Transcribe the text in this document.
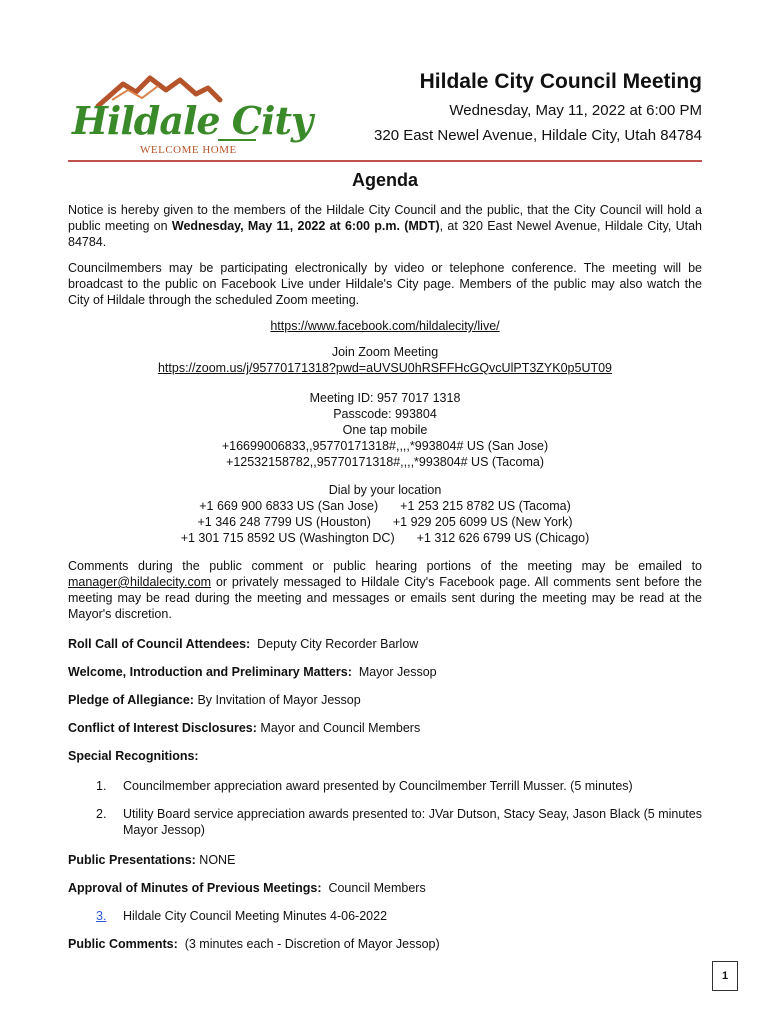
Hildale City
WELCOME HOME
Hildale City Council Meeting
Wednesday, May 11, 2022 at 6:00 PM
320 East Newel Avenue, Hildale City, Utah 84784
Agenda

Notice is hereby given to the members of the Hildale City Council and the public, that the City Council will hold a public meeting on Wednesday, May 11, 2022 at 6:00 p.m. (MDT), at 320 East Newel Avenue, Hildale City, Utah 84784.

Councilmembers may be participating electronically by video or telephone conference. The meeting will be broadcast to the public on Facebook Live under Hildale's City page. Members of the public may also watch the City of Hildale through the scheduled Zoom meeting.

https://www.facebook.com/hildalecity/live/

Join Zoom Meeting

https://zoom.us/j/95770171318?pwd=aUVSU0hRSFFHcGQvcUlPT3ZYK0p5UT09

Meeting ID: 957 7017 1318

Passcode: 993804

One tap mobile

+16699006833,,95770171318#,,,,*993804# US (San Jose)

+12532158782,,95770171318#,,,,*993804# US (Tacoma)

Dial by your location

+1 669 900 6833 US (San Jose) +1 253 215 8782 US (Tacoma)
+1 346 248 7799 US (Houston) +1 929 205 6099 US (New York)
+1 301 715 8592 US (Washington DC) +1 312 626 6799 US (Chicago)

Comments during the public comment or public hearing portions of the meeting may be emailed to manager@hildalecity.com or privately messaged to Hildale City's Facebook page. All comments sent before the meeting may be read during the meeting and messages or emails sent during the meeting may be read at the Mayor's discretion.

Roll Call of Council Attendees: Deputy City Recorder Barlow

Welcome, Introduction and Preliminary Matters: Mayor Jessop

Pledge of Allegiance: By Invitation of Mayor Jessop

Conflict of Interest Disclosures: Mayor and Council Members

Special Recognitions:

1.	Councilmember appreciation award presented by Councilmember Terrill Musser. (5 minutes)
2.	Utility Board service appreciation awards presented to: JVar Dutson, Stacy Seay, Jason Black (5 minutes Mayor Jessop)

Public Presentations: NONE

Approval of Minutes of Previous Meetings: Council Members

3.	Hildale City Council Meeting Minutes 4-06-2022

Public Comments: (3 minutes each - Discretion of Mayor Jessop)

1
